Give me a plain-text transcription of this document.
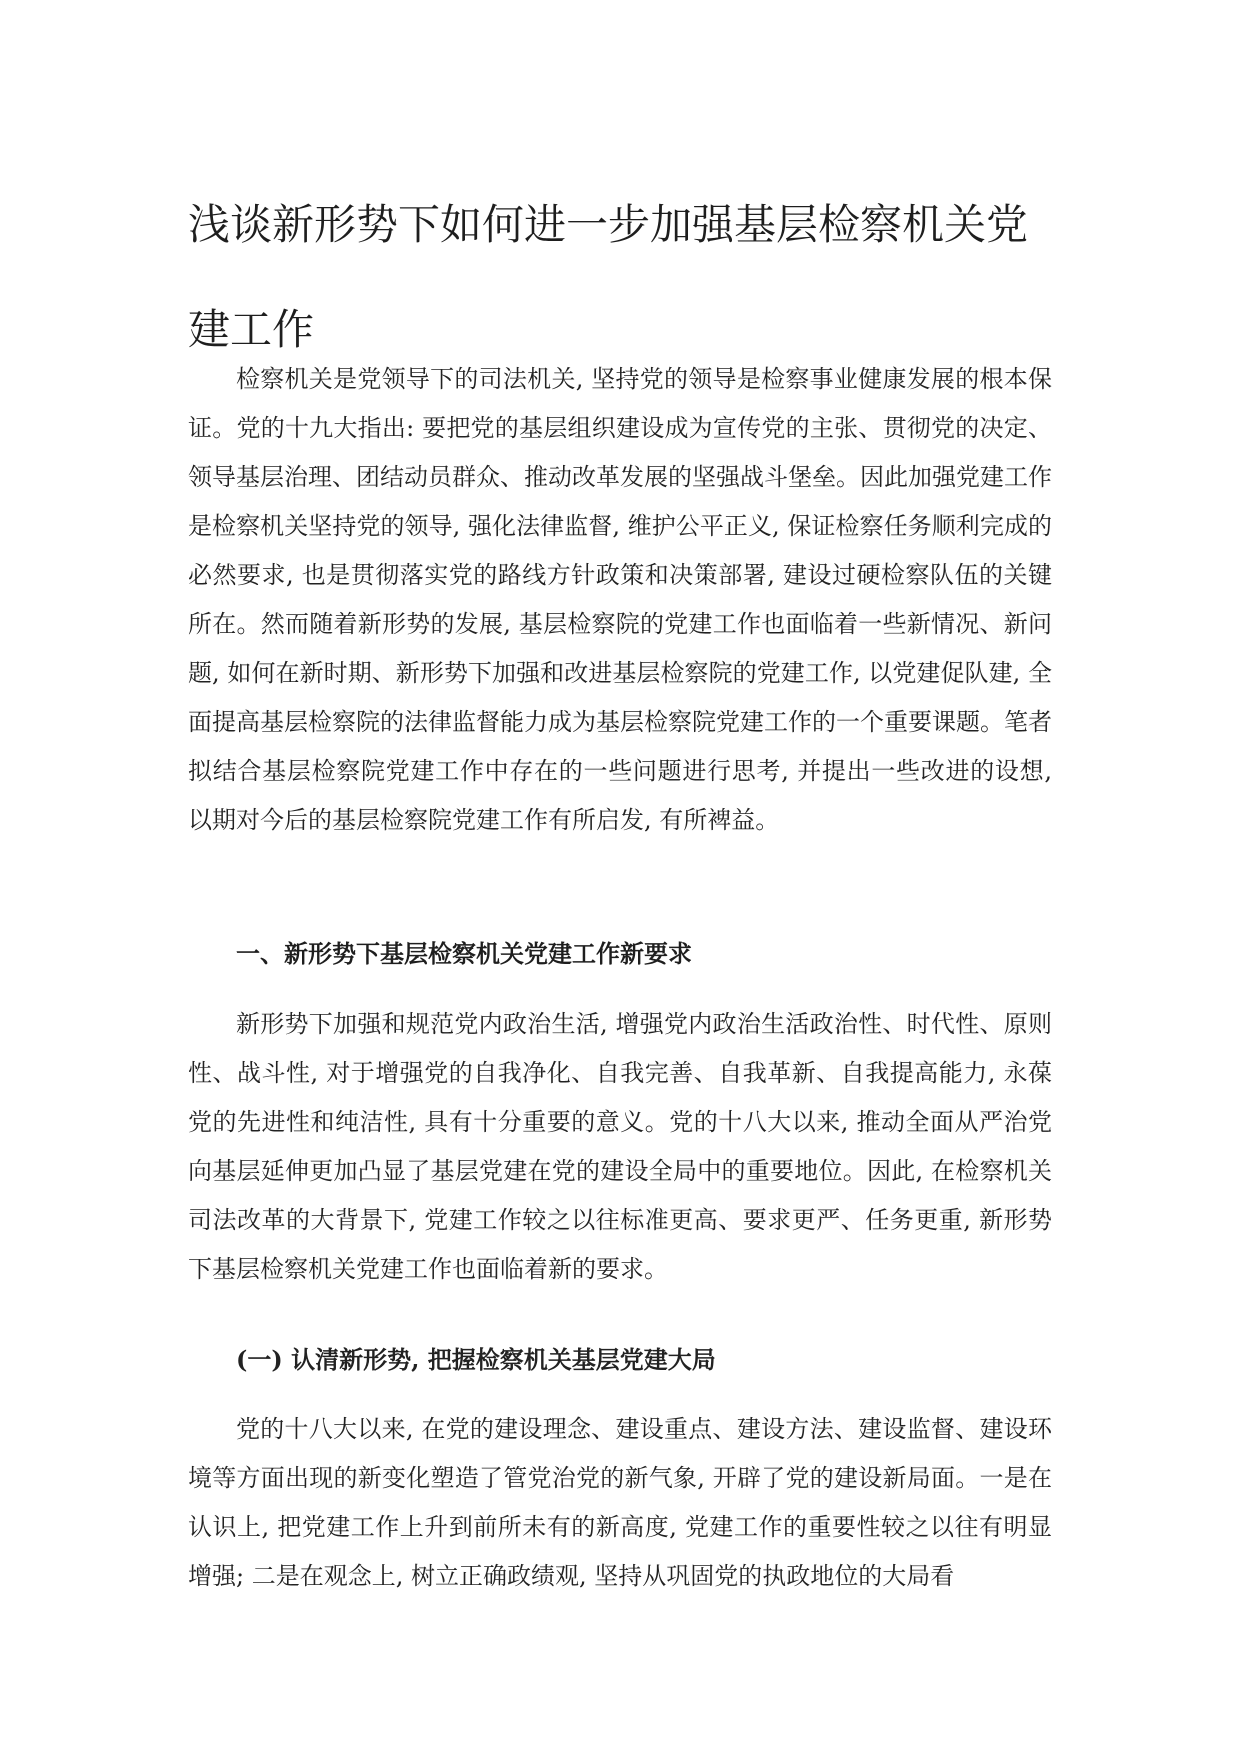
浅谈新形势下如何进一步加强基层检察机关党建工作

检察机关是党领导下的司法机关, 坚持党的领导是检察事业健康发展的根本保证。党的十九大指出: 要把党的基层组织建设成为宣传党的主张、贯彻党的决定、领导基层治理、团结动员群众、推动改革发展的坚强战斗堡垒。因此加强党建工作是检察机关坚持党的领导, 强化法律监督, 维护公平正义, 保证检察任务顺利完成的必然要求, 也是贯彻落实党的路线方针政策和决策部署, 建设过硬检察队伍的关键所在。然而随着新形势的发展, 基层检察院的党建工作也面临着一些新情况、新问题, 如何在新时期、新形势下加强和改进基层检察院的党建工作, 以党建促队建, 全面提高基层检察院的法律监督能力成为基层检察院党建工作的一个重要课题。笔者拟结合基层检察院党建工作中存在的一些问题进行思考, 并提出一些改进的设想, 以期对今后的基层检察院党建工作有所启发, 有所裨益。

一、新形势下基层检察机关党建工作新要求

新形势下加强和规范党内政治生活, 增强党内政治生活政治性、时代性、原则性、战斗性, 对于增强党的自我净化、自我完善、自我革新、自我提高能力, 永葆党的先进性和纯洁性, 具有十分重要的意义。党的十八大以来, 推动全面从严治党向基层延伸更加凸显了基层党建在党的建设全局中的重要地位。因此, 在检察机关司法改革的大背景下, 党建工作较之以往标准更高、要求更严、任务更重, 新形势下基层检察机关党建工作也面临着新的要求。

(一) 认清新形势, 把握检察机关基层党建大局

党的十八大以来, 在党的建设理念、建设重点、建设方法、建设监督、建设环境等方面出现的新变化塑造了管党治党的新气象, 开辟了党的建设新局面。一是在认识上, 把党建工作上升到前所未有的新高度, 党建工作的重要性较之以往有明显增强; 二是在观念上, 树立正确政绩观, 坚持从巩固党的执政地位的大局看
